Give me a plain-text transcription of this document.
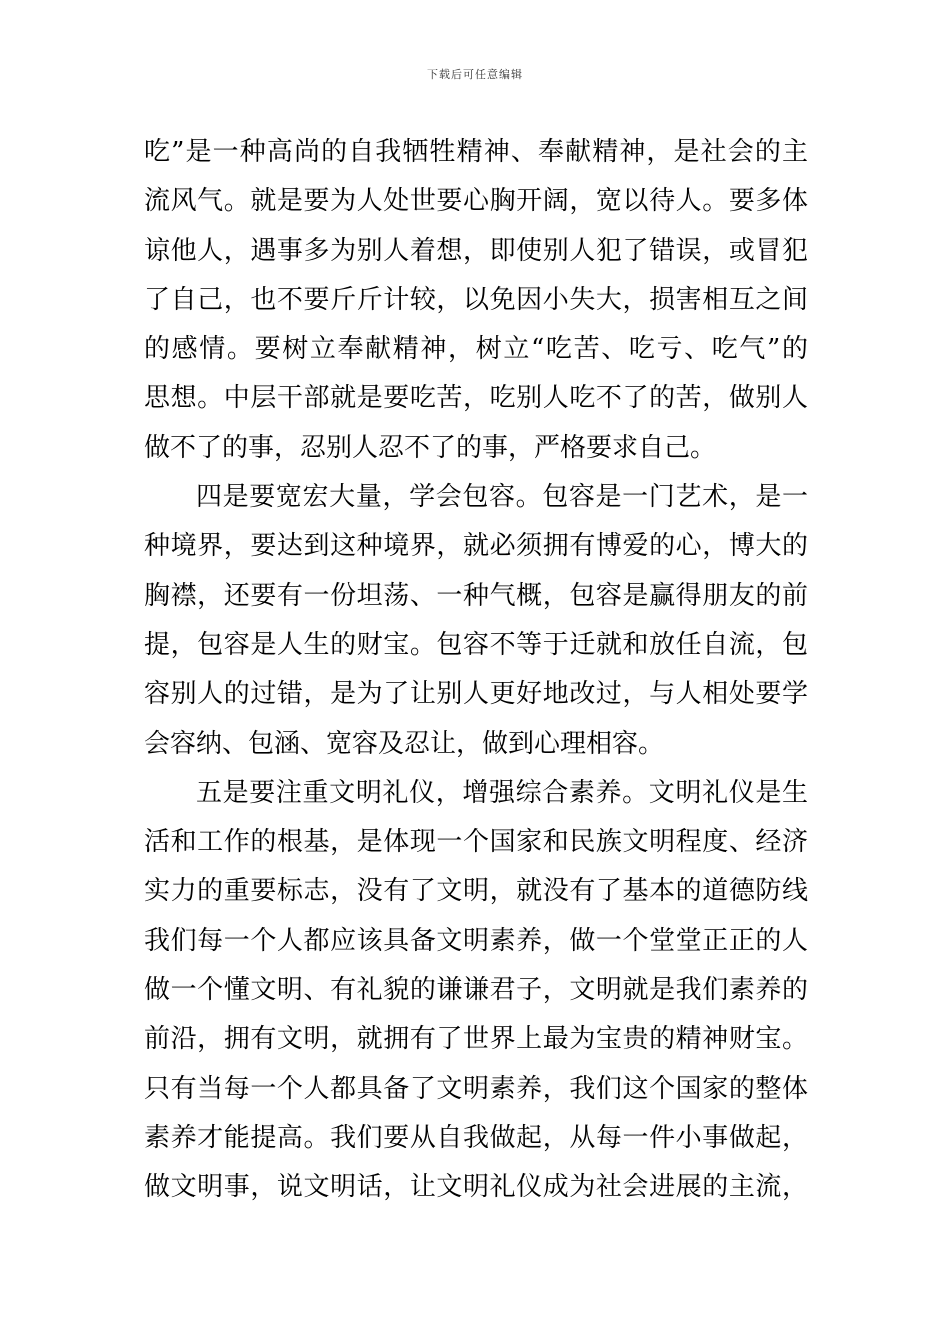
下载后可任意编辑
吃”是一种高尚的自我牺牲精神、奉献精神，是社会的主
流风气。就是要为人处世要心胸开阔，宽以待人。要多体
谅他人，遇事多为别人着想，即使别人犯了错误，或冒犯
了自己，也不要斤斤计较，以免因小失大，损害相互之间
的感情。要树立奉献精神，树立“吃苦、吃亏、吃气”的
思想。中层干部就是要吃苦，吃别人吃不了的苦，做别人
做不了的事，忍别人忍不了的事，严格要求自己。
四是要宽宏大量，学会包容。包容是一门艺术，是一
种境界，要达到这种境界，就必须拥有博爱的心，博大的
胸襟，还要有一份坦荡、一种气概，包容是赢得朋友的前
提，包容是人生的财宝。包容不等于迁就和放任自流，包
容别人的过错，是为了让别人更好地改过，与人相处要学
会容纳、包涵、宽容及忍让，做到心理相容。
五是要注重文明礼仪，增强综合素养。文明礼仪是生
活和工作的根基，是体现一个国家和民族文明程度、经济
实力的重要标志，没有了文明，就没有了基本的道德防线
我们每一个人都应该具备文明素养，做一个堂堂正正的人
做一个懂文明、有礼貌的谦谦君子，文明就是我们素养的
前沿，拥有文明，就拥有了世界上最为宝贵的精神财宝。
只有当每一个人都具备了文明素养，我们这个国家的整体
素养才能提高。我们要从自我做起，从每一件小事做起，
做文明事，说文明话，让文明礼仪成为社会进展的主流，
